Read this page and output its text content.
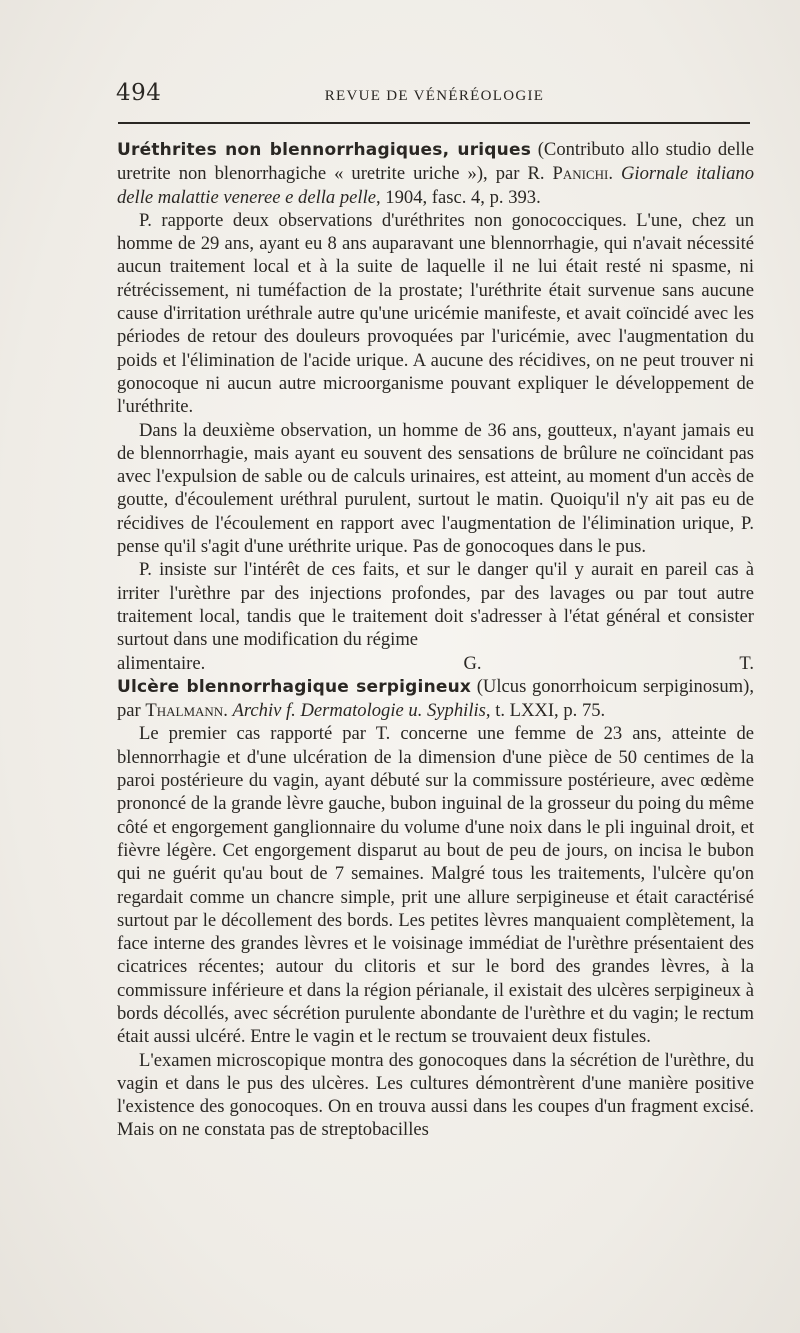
494	REVUE DE VÉNÉRÉOLOGIE

Uréthrites non blennorrhagiques, uriques (Contributo allo studio delle uretrite non blenorrhagiche « uretrite uriche »), par R. Panichi. Giornale italiano delle malattie veneree e della pelle, 1904, fasc. 4, p. 393.

P. rapporte deux observations d'uréthrites non gonococciques. L'une, chez un homme de 29 ans, ayant eu 8 ans auparavant une blennorrhagie, qui n'avait nécessité aucun traitement local et à la suite de laquelle il ne lui était resté ni spasme, ni rétrécissement, ni tuméfaction de la prostate; l'uréthrite était survenue sans aucune cause d'irritation uréthrale autre qu'une uricémie manifeste, et avait coïncidé avec les périodes de retour des douleurs provoquées par l'uricémie, avec l'augmentation du poids et l'élimination de l'acide urique. A aucune des récidives, on ne peut trouver ni gonocoque ni aucun autre microorganisme pouvant expliquer le développement de l'uréthrite.

Dans la deuxième observation, un homme de 36 ans, goutteux, n'ayant jamais eu de blennorrhagie, mais ayant eu souvent des sensations de brûlure ne coïncidant pas avec l'expulsion de sable ou de calculs urinaires, est atteint, au moment d'un accès de goutte, d'écoulement uréthral purulent, surtout le matin. Quoiqu'il n'y ait pas eu de récidives de l'écoulement en rapport avec l'augmentation de l'élimination urique, P. pense qu'il s'agit d'une uréthrite urique. Pas de gonocoques dans le pus.

P. insiste sur l'intérêt de ces faits, et sur le danger qu'il y aurait en pareil cas à irriter l'urèthre par des injections profondes, par des lavages ou par tout autre traitement local, tandis que le traitement doit s'adresser à l'état général et consister surtout dans une modification du régime

alimentaire.	G. T.

Ulcère blennorrhagique serpigineux (Ulcus gonorrhoicum serpiginosum), par Thalmann. Archiv f. Dermatologie u. Syphilis, t. LXXI, p. 75.

Le premier cas rapporté par T. concerne une femme de 23 ans, atteinte de blennorrhagie et d'une ulcération de la dimension d'une pièce de 50 centimes de la paroi postérieure du vagin, ayant débuté sur la commissure postérieure, avec œdème prononcé de la grande lèvre gauche, bubon inguinal de la grosseur du poing du même côté et engorgement ganglionnaire du volume d'une noix dans le pli inguinal droit, et fièvre légère. Cet engorgement disparut au bout de peu de jours, on incisa le bubon qui ne guérit qu'au bout de 7 semaines. Malgré tous les traitements, l'ulcère qu'on regardait comme un chancre simple, prit une allure serpigineuse et était caractérisé surtout par le décollement des bords. Les petites lèvres manquaient complètement, la face interne des grandes lèvres et le voisinage immédiat de l'urèthre présentaient des cicatrices récentes; autour du clitoris et sur le bord des grandes lèvres, à la commissure inférieure et dans la région périanale, il existait des ulcères serpigineux à bords décollés, avec sécrétion purulente abondante de l'urèthre et du vagin; le rectum était aussi ulcéré. Entre le vagin et le rectum se trouvaient deux fistules.

L'examen microscopique montra des gonocoques dans la sécrétion de l'urèthre, du vagin et dans le pus des ulcères. Les cultures démontrèrent d'une manière positive l'existence des gonocoques. On en trouva aussi dans les coupes d'un fragment excisé. Mais on ne constata pas de streptobacilles
